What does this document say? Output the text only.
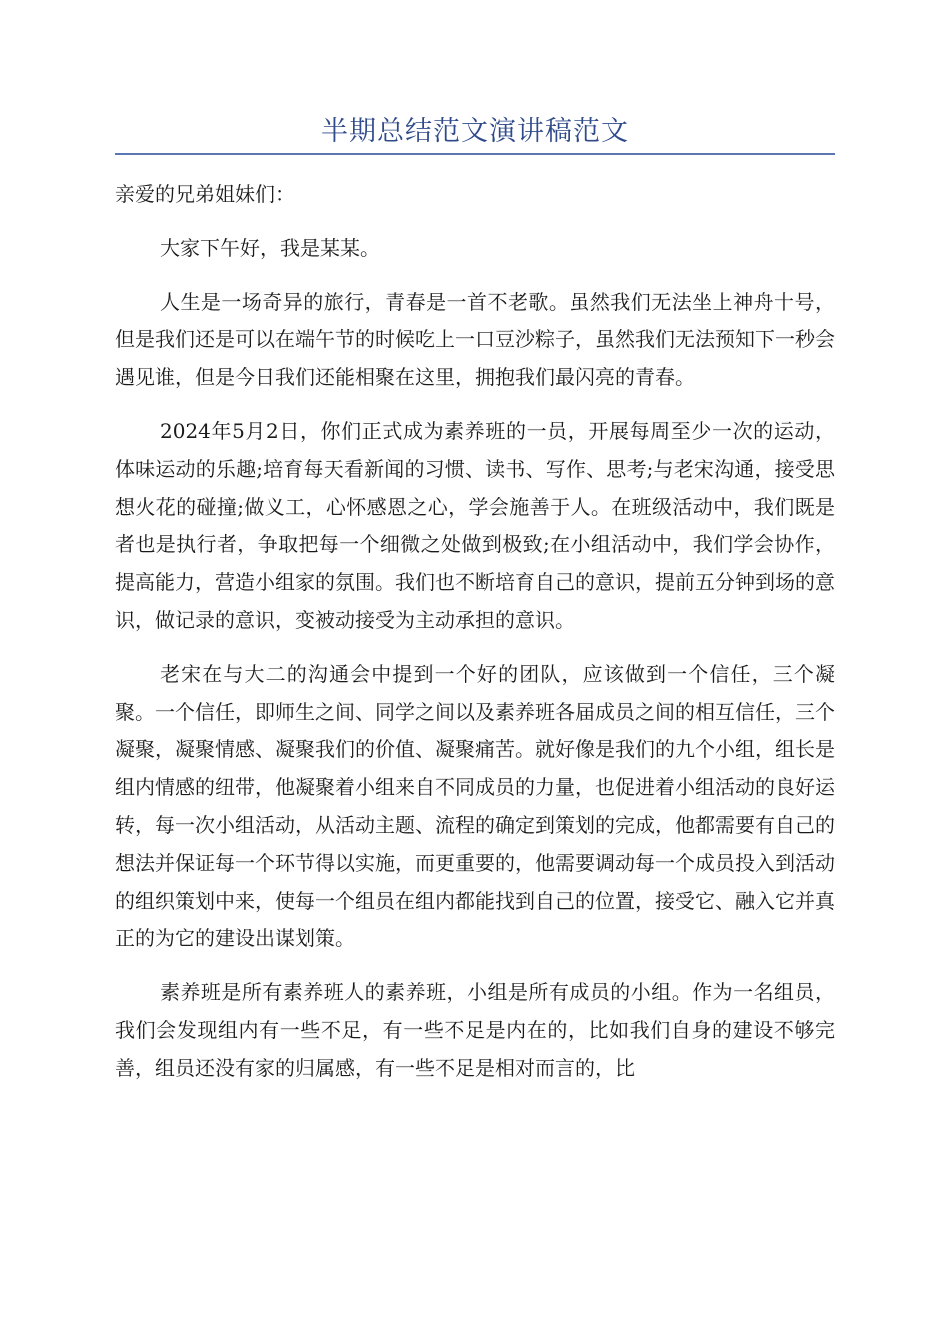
半期总结范文演讲稿范文

亲爱的兄弟姐妹们：

大家下午好，我是某某。

人生是一场奇异的旅行，青春是一首不老歌。虽然我们无法坐上神舟十号，但是我们还是可以在端午节的时候吃上一口豆沙粽子，虽然我们无法预知下一秒会遇见谁，但是今日我们还能相聚在这里，拥抱我们最闪亮的青春。

2024年5月2日，你们正式成为素养班的一员，开展每周至少一次的运动，体味运动的乐趣;培育每天看新闻的习惯、读书、写作、思考;与老宋沟通，接受思想火花的碰撞;做义工，心怀感恩之心，学会施善于人。在班级活动中，我们既是者也是执行者，争取把每一个细微之处做到极致;在小组活动中，我们学会协作，提高能力，营造小组家的氛围。我们也不断培育自己的意识，提前五分钟到场的意识，做记录的意识，变被动接受为主动承担的意识。

老宋在与大二的沟通会中提到一个好的团队，应该做到一个信任，三个凝聚。一个信任，即师生之间、同学之间以及素养班各届成员之间的相互信任，三个凝聚，凝聚情感、凝聚我们的价值、凝聚痛苦。就好像是我们的九个小组，组长是组内情感的纽带，他凝聚着小组来自不同成员的力量，也促进着小组活动的良好运转，每一次小组活动，从活动主题、流程的确定到策划的完成，他都需要有自己的想法并保证每一个环节得以实施，而更重要的，他需要调动每一个成员投入到活动的组织策划中来，使每一个组员在组内都能找到自己的位置，接受它、融入它并真正的为它的建设出谋划策。

素养班是所有素养班人的素养班，小组是所有成员的小组。作为一名组员，我们会发现组内有一些不足，有一些不足是内在的，比如我们自身的建设不够完善，组员还没有家的归属感，有一些不足是相对而言的，比
